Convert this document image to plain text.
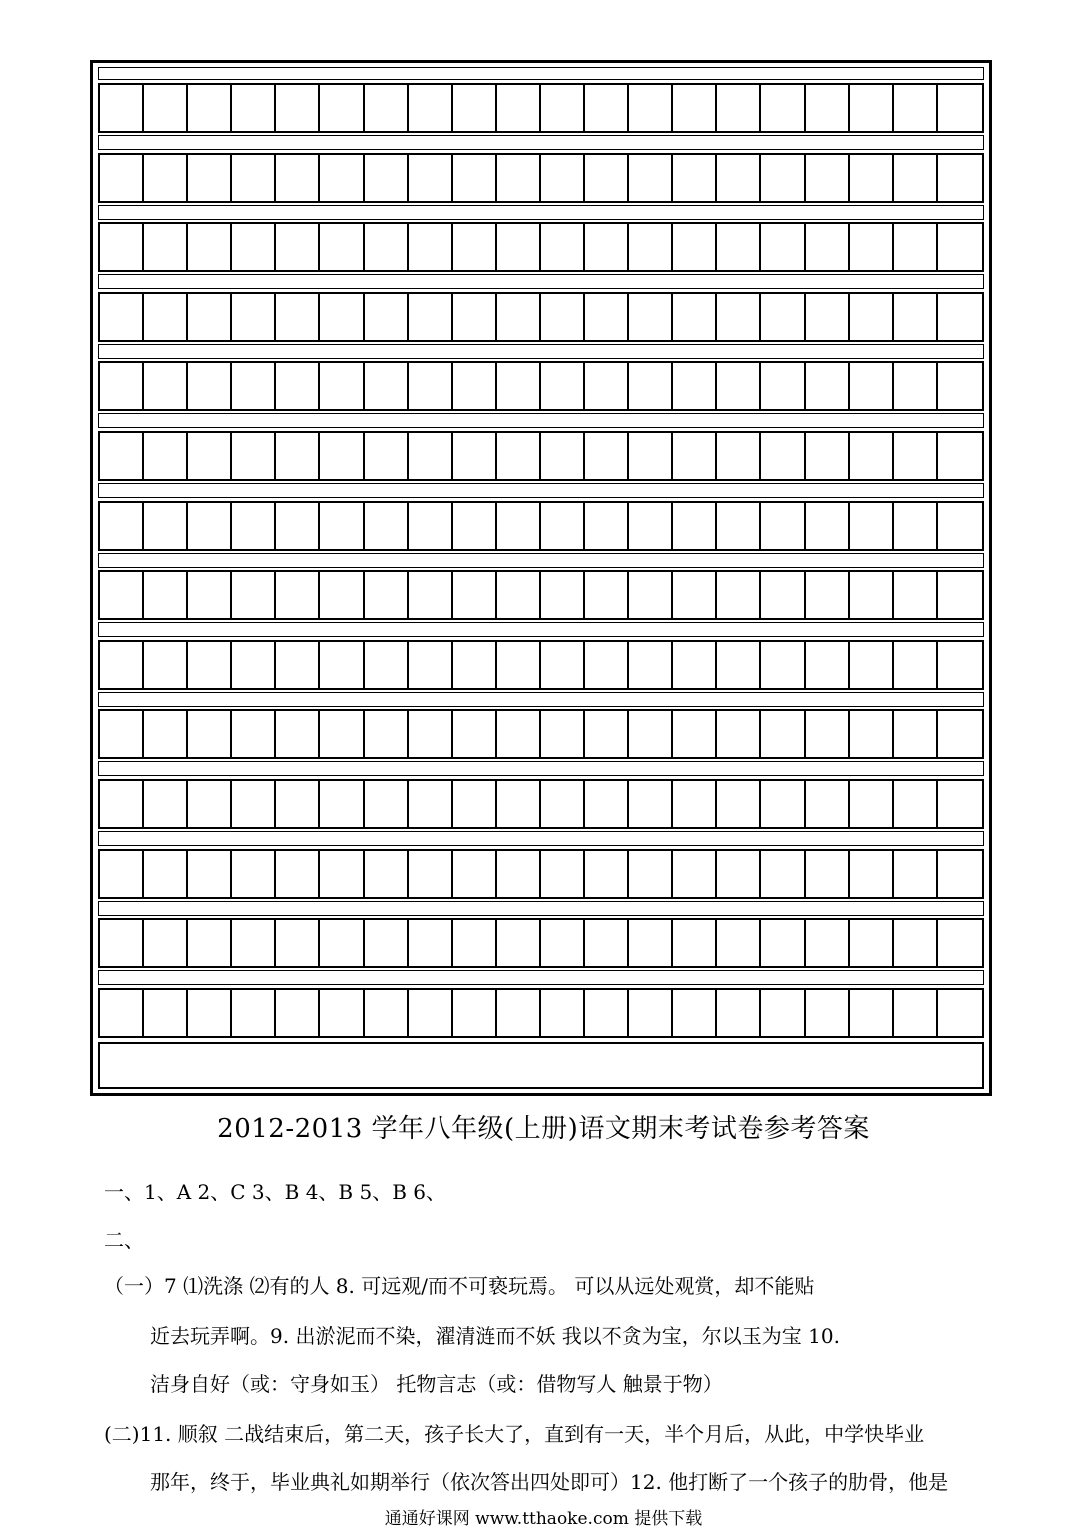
2012-2013 学年八年级(上册)语文期末考试卷参考答案
一、1、A 2、C 3、B 4、B 5、B 6、
二、
（一）7 ⑴洗涤 ⑵有的人 8. 可远观/而不可亵玩焉。 可以从远处观赏，却不能贴
近去玩弄啊。9. 出淤泥而不染，濯清涟而不妖 我以不贪为宝，尔以玉为宝 10.
洁身自好（或：守身如玉） 托物言志（或：借物写人 触景于物）
(二)11. 顺叙 二战结束后，第二天，孩子长大了，直到有一天，半个月后，从此，中学快毕业
那年，终于，毕业典礼如期举行（依次答出四处即可）12. 他打断了一个孩子的肋骨，他是
通通好课网 www.tthaoke.com 提供下载
